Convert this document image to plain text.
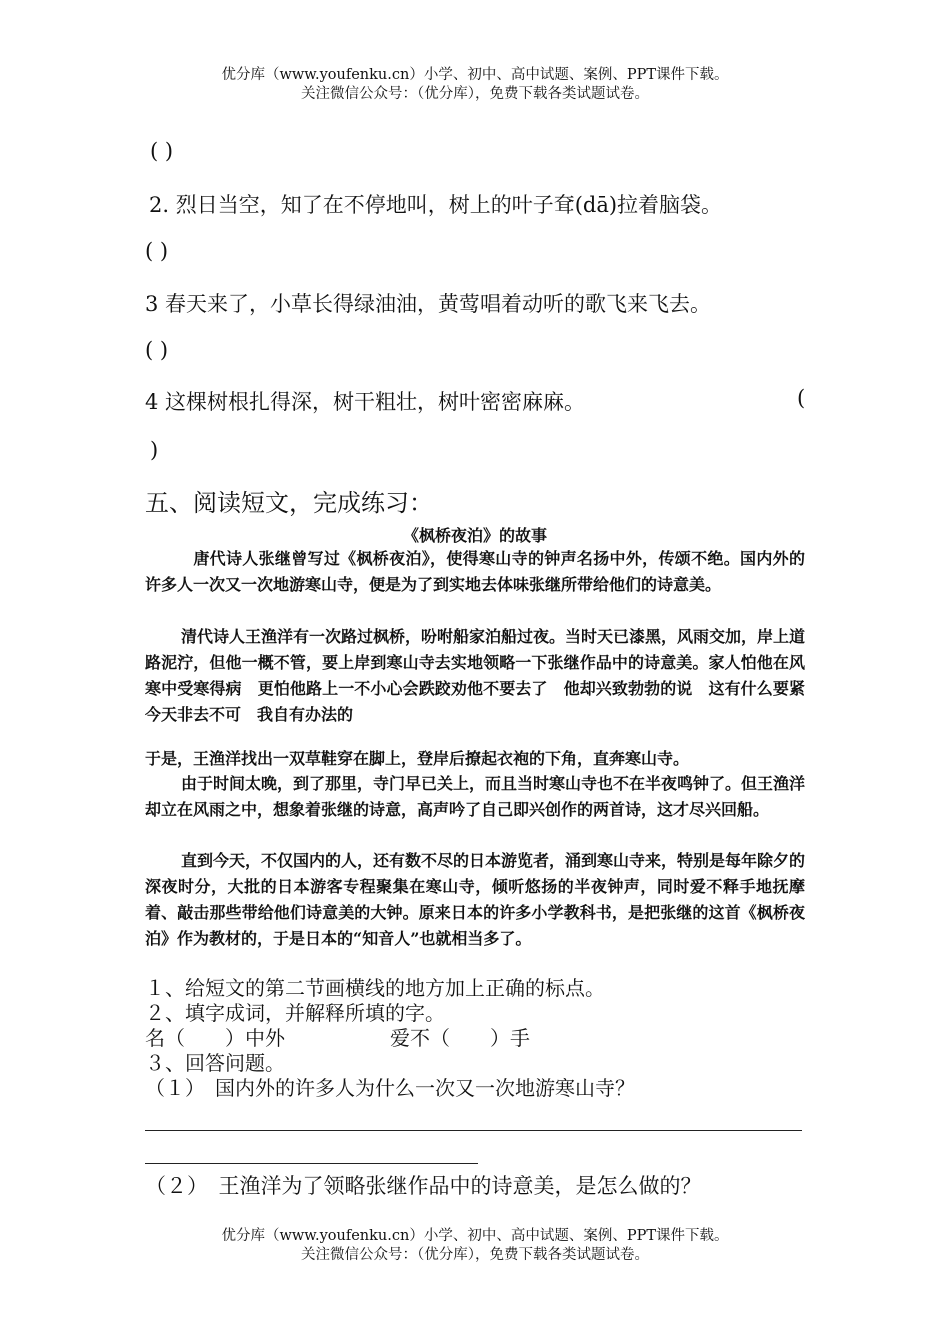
优分库（www.youfenku.cn）小学、初中、高中试题、案例、PPT课件下载。
关注微信公众号：（优分库），免费下载各类试题试卷。
( )
2. 烈日当空，知了在不停地叫，树上的叶子耷(dā)拉着脑袋。
( )
3 春天来了，小草长得绿油油，黄莺唱着动听的歌飞来飞去。
( )
4 这棵树根扎得深，树干粗壮，树叶密密麻麻。	(
)
五、阅读短文，完成练习：
《枫桥夜泊》的故事

唐代诗人张继曾写过《枫桥夜泊》，使得寒山寺的钟声名扬中外，传颂不绝。国内外的许多人一次又一次地游寒山寺，便是为了到实地去体味张继所带给他们的诗意美。

清代诗人王渔洋有一次路过枫桥，吩咐船家泊船过夜。当时天已漆黑，风雨交加，岸上道路泥泞，但他一概不管，要上岸到寒山寺去实地领略一下张继作品中的诗意美。家人怕他在风寒中受寒得病　更怕他路上一不小心会跌跤劝他不要去了　他却兴致勃勃的说　这有什么要紧　今天非去不可　我自有办法的

于是，王渔洋找出一双草鞋穿在脚上，登岸后撩起衣袍的下角，直奔寒山寺。

由于时间太晚，到了那里，寺门早已关上，而且当时寒山寺也不在半夜鸣钟了。但王渔洋却立在风雨之中，想象着张继的诗意，高声吟了自己即兴创作的两首诗，这才尽兴回船。

直到今天，不仅国内的人，还有数不尽的日本游览者，涌到寒山寺来，特别是每年除夕的深夜时分，大批的日本游客专程聚集在寒山寺，倾听悠扬的半夜钟声，同时爱不释手地抚摩着、敲击那些带给他们诗意美的大钟。原来日本的许多小学教科书，是把张继的这首《枫桥夜泊》作为教材的，于是日本的“知音人”也就相当多了。

１、给短文的第二节画横线的地方加上正确的标点。
２、填字成词，并解释所填的字。
名（　　）中外	爱不（　　）手
３、回答问题。
（１）　国内外的许多人为什么一次又一次地游寒山寺？
（２）　王渔洋为了领略张继作品中的诗意美，是怎么做的？
优分库（www.youfenku.cn）小学、初中、高中试题、案例、PPT课件下载。
关注微信公众号：（优分库），免费下载各类试题试卷。
